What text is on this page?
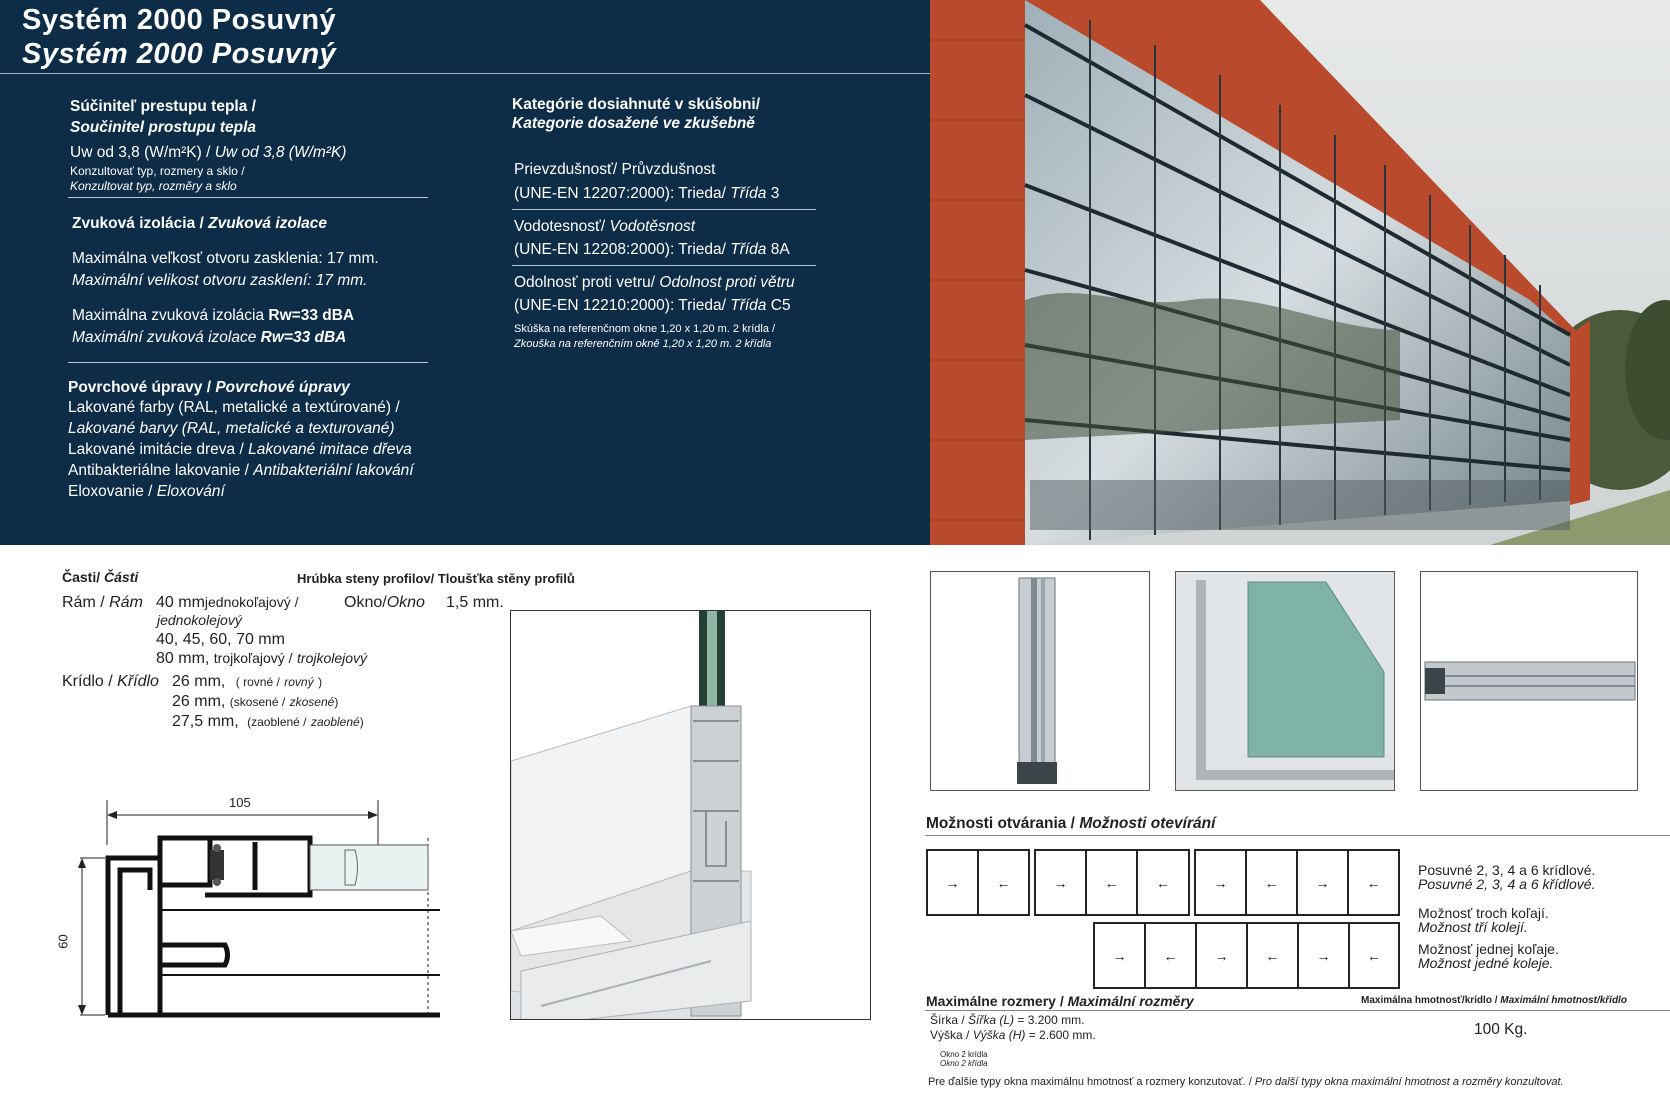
Systém 2000 Posuvný
Systém 2000 Posuvný
Súčiniteľ prestupu tepla /
Součinitel prostupu tepla
Uw od 3,8 (W/m²K) / Uw od 3,8 (W/m²K)
Konzultovať typ, rozmery a sklo /
Konzultovat typ, rozměry a sklo
Zvuková izolácia / Zvuková izolace
Maximálna veľkosť otvoru zasklenia: 17 mm.
Maximální velikost otvoru zasklení: 17 mm.
Maximálna zvuková izolácia Rw=33 dBA
Maximální zvuková izolace Rw=33 dBA
Povrchové úpravy / Povrchové úpravy
Lakované farby (RAL, metalické a textúrované) /
Lakované barvy (RAL, metalické a texturované)
Lakované imitácie dreva / Lakované imitace dřeva
Antibakteriálne lakovanie / Antibakteriální lakování
Eloxovanie / Eloxování
Kategórie dosiahnuté v skúšobni/
Kategorie dosažené ve zkušebně
Prievzdušnosť/ Průvzdušnost
(UNE-EN 12207:2000): Trieda/ Třída 3
Vodotesnosť/ Vodotěsnost
(UNE-EN 12208:2000): Trieda/ Třída 8A
Odolnosť proti vetru/ Odolnost proti větru
(UNE-EN 12210:2000): Trieda/ Třída C5
Skúška na referenčnom okne 1,20 x 1,20 m. 2 krídla /
Zkouška na referenčním okně 1,20 x 1,20 m. 2 křídla
Časti/ Části	Hrúbka steny profilov/ Tloušťka stěny profilů
Rám / Rám 40 mmjednokoľajový /
jednokolejový
40, 45, 60, 70 mm
80 mm, trojkoľajový / trojkolejový
Okno/Okno 1,5 mm.
Krídlo / Křídlo 26 mm, ( rovné / rovný )
26 mm, (skosené / zkosené)
27,5 mm, (zaoblené / zaoblené)
105
60
Možnosti otvárania / Možnosti otevírání
→	←	→	←	←	→	←	→	←
→	←	→	←	→	←
Posuvné 2, 3, 4 a 6 krídlové.
Posuvné 2, 3, 4 a 6 křídlové.
Možnosť troch koľají.
Možnost tří kolejí.
Možnosť jednej koľaje.
Možnost jedné koleje.
Maximálne rozmery / Maximální rozměry	Maximálna hmotnosť/krídlo / Maximální hmotnost/křídlo
Šírka / Šířka (L) = 3.200 mm.
Výška / Výška (H) = 2.600 mm.	100 Kg.
Okno 2 krídla
Okno 2 křídla
Pre ďalšie typy okna maximálnu hmotnosť a rozmery konzutovať. / Pro další typy okna maximální hmotnost a rozměry konzultovat.
